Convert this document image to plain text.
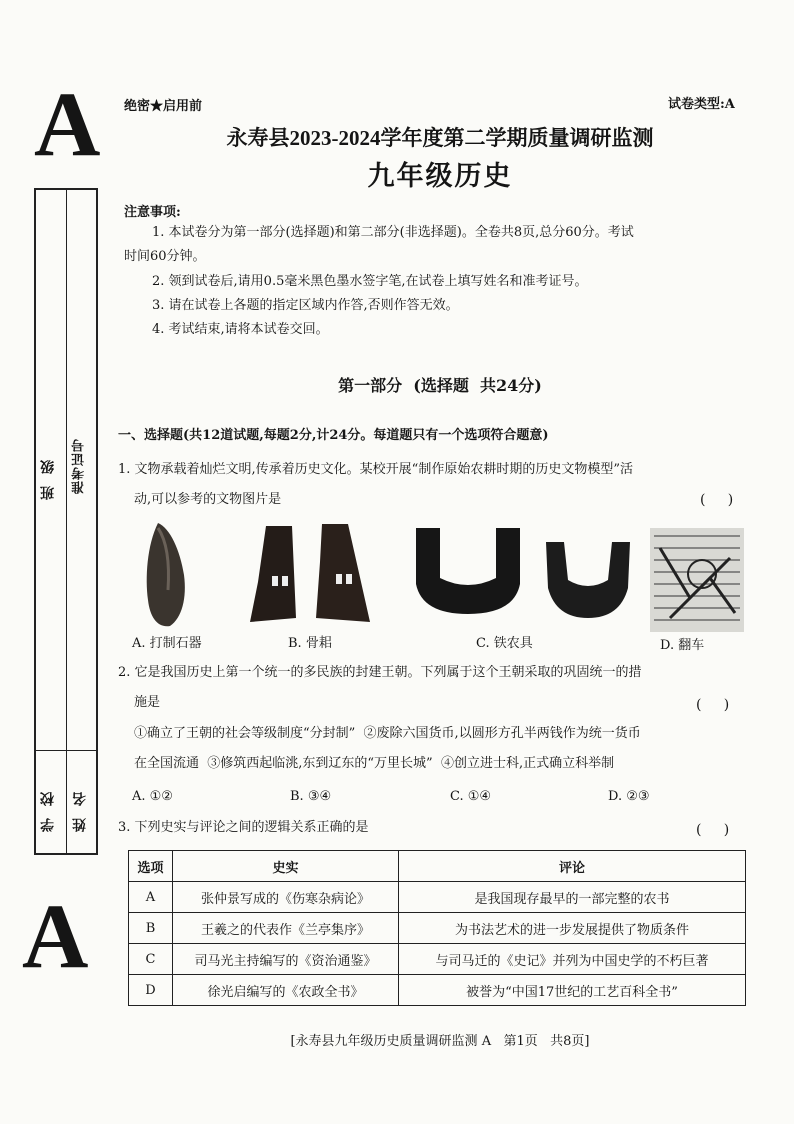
A
A
班级 准考证号
学校 姓名
绝密★启用前	试卷类型:A
永寿县2023-2024学年度第二学期质量调研监测
九年级历史
注意事项:
1. 本试卷分为第一部分(选择题)和第二部分(非选择题)。全卷共8页,总分60分。考试
时间60分钟。
2. 领到试卷后,请用0.5毫米黑色墨水签字笔,在试卷上填写姓名和准考证号。
3. 请在试卷上各题的指定区域内作答,否则作答无效。
4. 考试结束,请将本试卷交回。
第一部分  (选择题  共24分)
一、选择题(共12道试题,每题2分,计24分。每道题只有一个选项符合题意)
1. 文物承载着灿烂文明,传承着历史文化。某校开展“制作原始农耕时期的历史文物模型”活
动,可以参考的文物图片是	(     )
A. 打制石器	B. 骨耜	C. 铁农具	D. 翻车
2. 它是我国历史上第一个统一的多民族的封建王朝。下列属于这个王朝采取的巩固统一的措
施是	(     )
①确立了王朝的社会等级制度“分封制”  ②废除六国货币,以圆形方孔半两钱作为统一货币
在全国流通  ③修筑西起临洮,东到辽东的“万里长城”  ④创立进士科,正式确立科举制
A. ①②	B. ③④	C. ①④	D. ②③
3. 下列史实与评论之间的逻辑关系正确的是	(     )
选项	史实	评论
A	张仲景写成的《伤寒杂病论》	是我国现存最早的一部完整的农书
B	王羲之的代表作《兰亭集序》	为书法艺术的进一步发展提供了物质条件
C	司马光主持编写的《资治通鉴》	与司马迁的《史记》并列为中国史学的不朽巨著
D	徐光启编写的《农政全书》	被誉为“中国17世纪的工艺百科全书”
[永寿县九年级历史质量调研监测 A   第1页   共8页]
